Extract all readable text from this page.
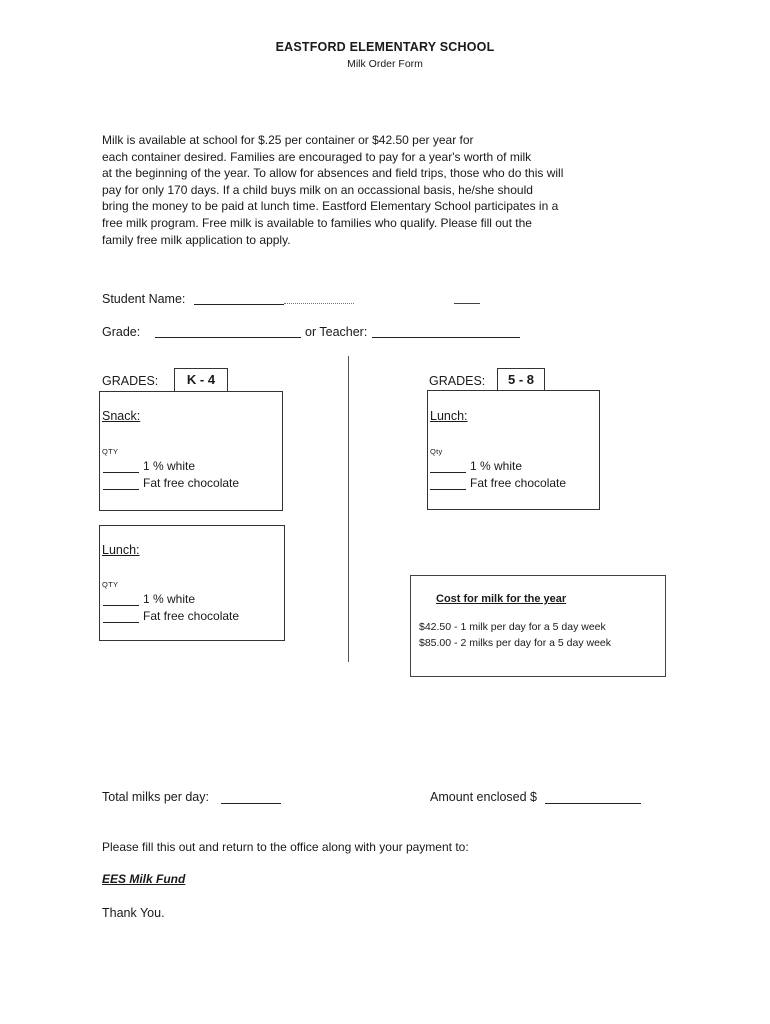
EASTFORD ELEMENTARY SCHOOL
Milk Order Form
Milk is available at school for $.25 per container or $42.50 per year for
each container desired. Families are encouraged to pay for a year's worth of milk
at the beginning of the year. To allow for absences and field trips, those who do this will
pay for only 170 days. If a child buys milk on an occassional basis, he/she should
bring the money to be paid at lunch time. Eastford Elementary School participates in a
free milk program. Free milk is available to families who qualify. Please fill out the
family free milk application to apply.
Student Name:
Grade:	or Teacher:
GRADES:	K - 4
Snack:
QTY
1 % white
Fat free chocolate
Lunch:
QTY
1 % white
Fat free chocolate
GRADES:	5 - 8
Lunch:
Qty
1 % white
Fat free chocolate
Cost for milk for the year
$42.50 - 1 milk per day for a 5 day week
$85.00 - 2 milks per day for a 5 day week
Total milks per day:	Amount enclosed $
Please fill this out and return to the office along with your payment to:
EES Milk Fund
Thank You.
